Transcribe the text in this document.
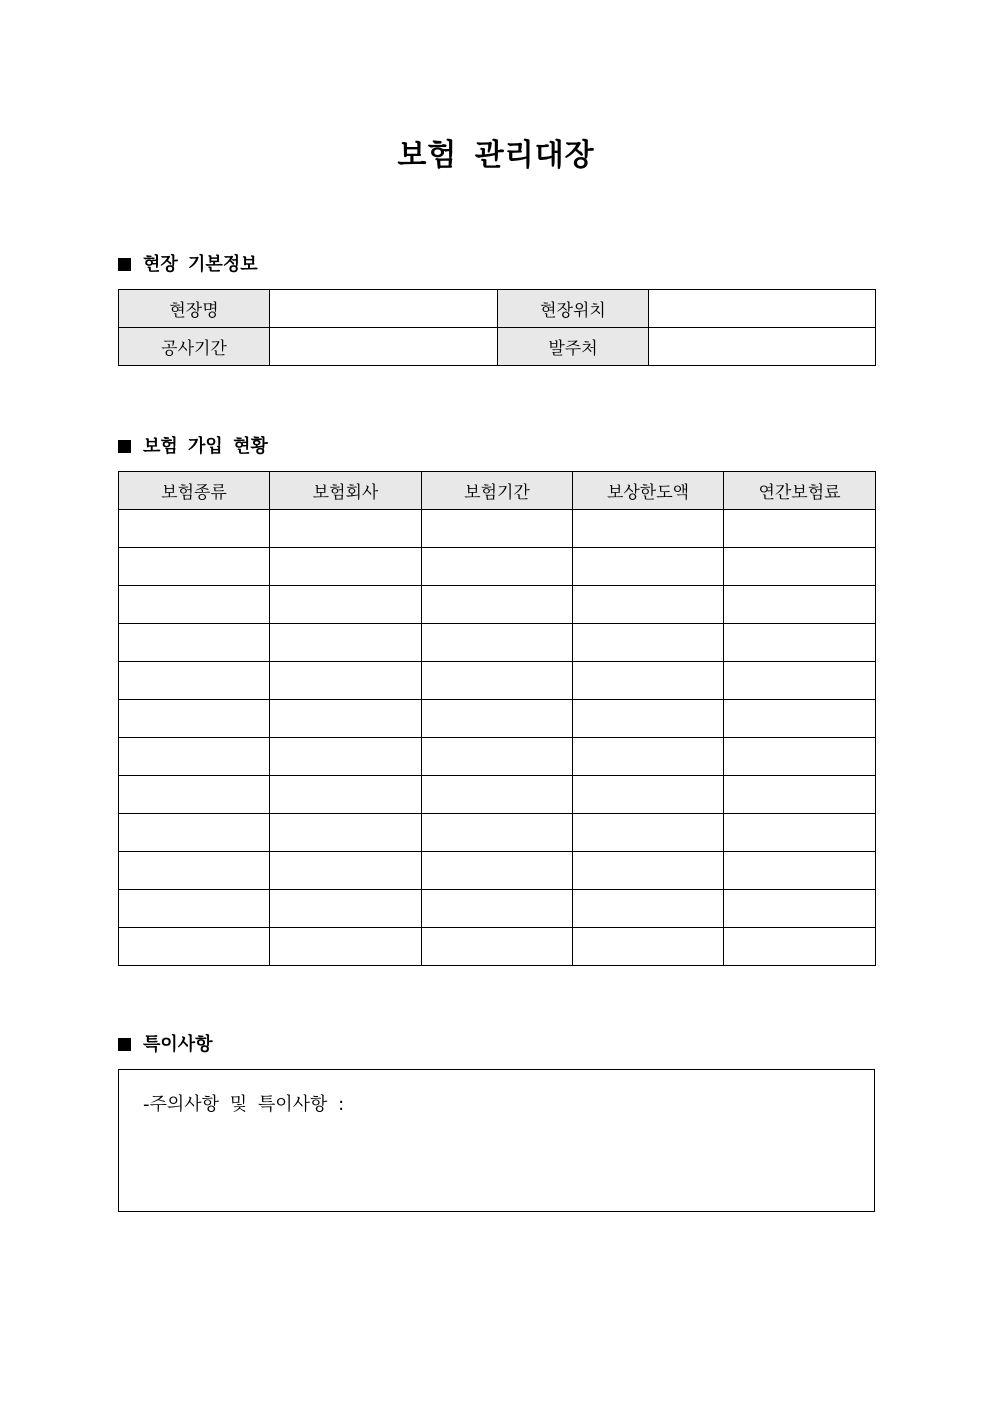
보험 관리대장
현장 기본정보
현장명		현장위치	
공사기간		발주처	
보험 가입 현황
보험종류	보험회사	보험기간	보상한도액	연간보험료

특이사항
-주의사항 및 특이사항 :
